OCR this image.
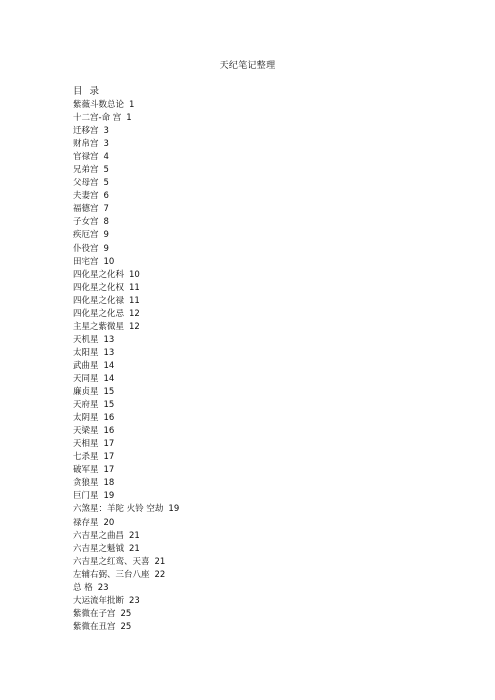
天纪笔记整理
目 录
紫薇斗数总论 1
十二宫-命 宫 1
迁移宫 3
财帛宫 3
官禄宫 4
兄弟宫 5
父母宫 5
夫妻宫 6
福德宫 7
子女宫 8
疾厄宫 9
仆役宫 9
田宅宫 10
四化星之化科 10
四化星之化权 11
四化星之化禄 11
四化星之化忌 12
主星之紫微星 12
天机星 13
太阳星 13
武曲星 14
天同星 14
廉贞星 15
天府星 15
太阴星 16
天梁星 16
天相星 17
七杀星 17
破军星 17
贪狼星 18
巨门星 19
六煞星：羊陀 火铃 空劫 19
禄存星 20
六吉星之曲昌 21
六吉星之魁钺 21
六吉星之红鸾、天喜 21
左辅右弼、三台八座 22
总 格 23
大运流年批断 23
紫微在子宫 25
紫微在丑宫 25
